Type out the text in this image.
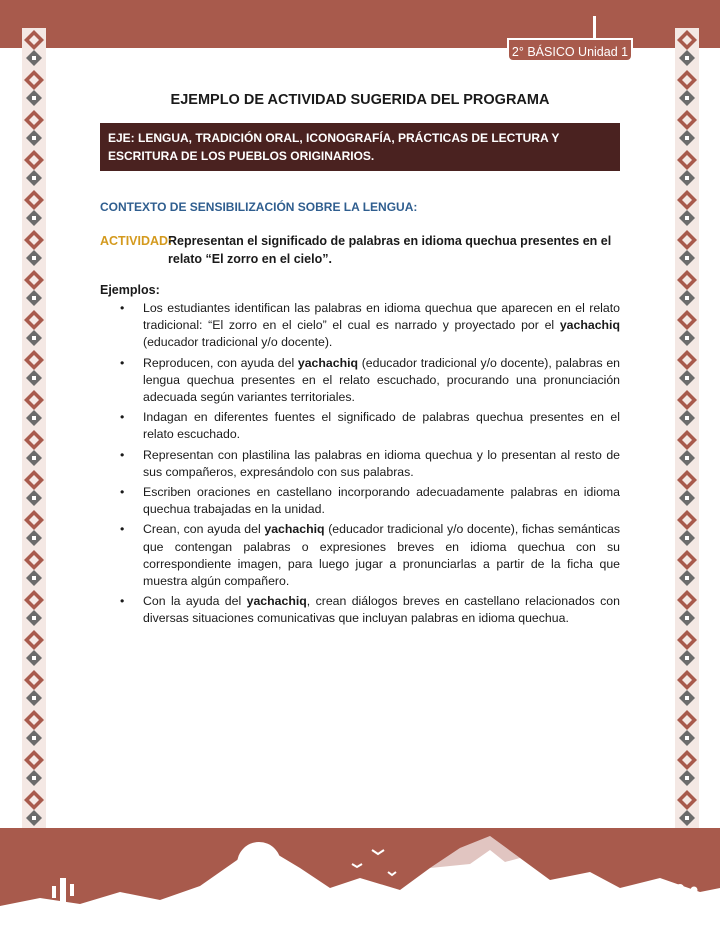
2° BÁSICO Unidad 1
EJEMPLO DE ACTIVIDAD SUGERIDA DEL PROGRAMA
EJE: LENGUA, TRADICIÓN ORAL, ICONOGRAFÍA, PRÁCTICAS DE LECTURA Y ESCRITURA DE LOS PUEBLOS ORIGINARIOS.
CONTEXTO DE SENSIBILIZACIÓN SOBRE LA LENGUA:
ACTIVIDAD:
Representan el significado de palabras en idioma quechua presentes en el relato “El zorro en el cielo”.
Ejemplos:
• Los estudiantes identifican las palabras en idioma quechua que aparecen en el relato tradicional: “El zorro en el cielo” el cual es narrado y proyectado por el yachachiq (educador tradicional y/o docente).
• Reproducen, con ayuda del yachachiq (educador tradicional y/o docente), palabras en lengua quechua presentes en el relato escuchado, procurando una pronunciación adecuada según variantes territoriales.
• Indagan en diferentes fuentes el significado de palabras quechua presentes en el relato escuchado.
• Representan con plastilina las palabras en idioma quechua y lo presentan al resto de sus compañeros, expresándolo con sus palabras.
• Escriben oraciones en castellano incorporando adecuadamente palabras en idioma quechua trabajadas en la unidad.
• Crean, con ayuda del yachachiq (educador tradicional y/o docente), fichas semánticas que contengan palabras o expresiones breves en idioma quechua con su correspondiente imagen, para luego jugar a pronunciarlas a partir de la ficha que muestra algún compañero.
• Con la ayuda del yachachiq, crean diálogos breves en castellano relacionados con diversas situaciones comunicativas que incluyan palabras en idioma quechua.
